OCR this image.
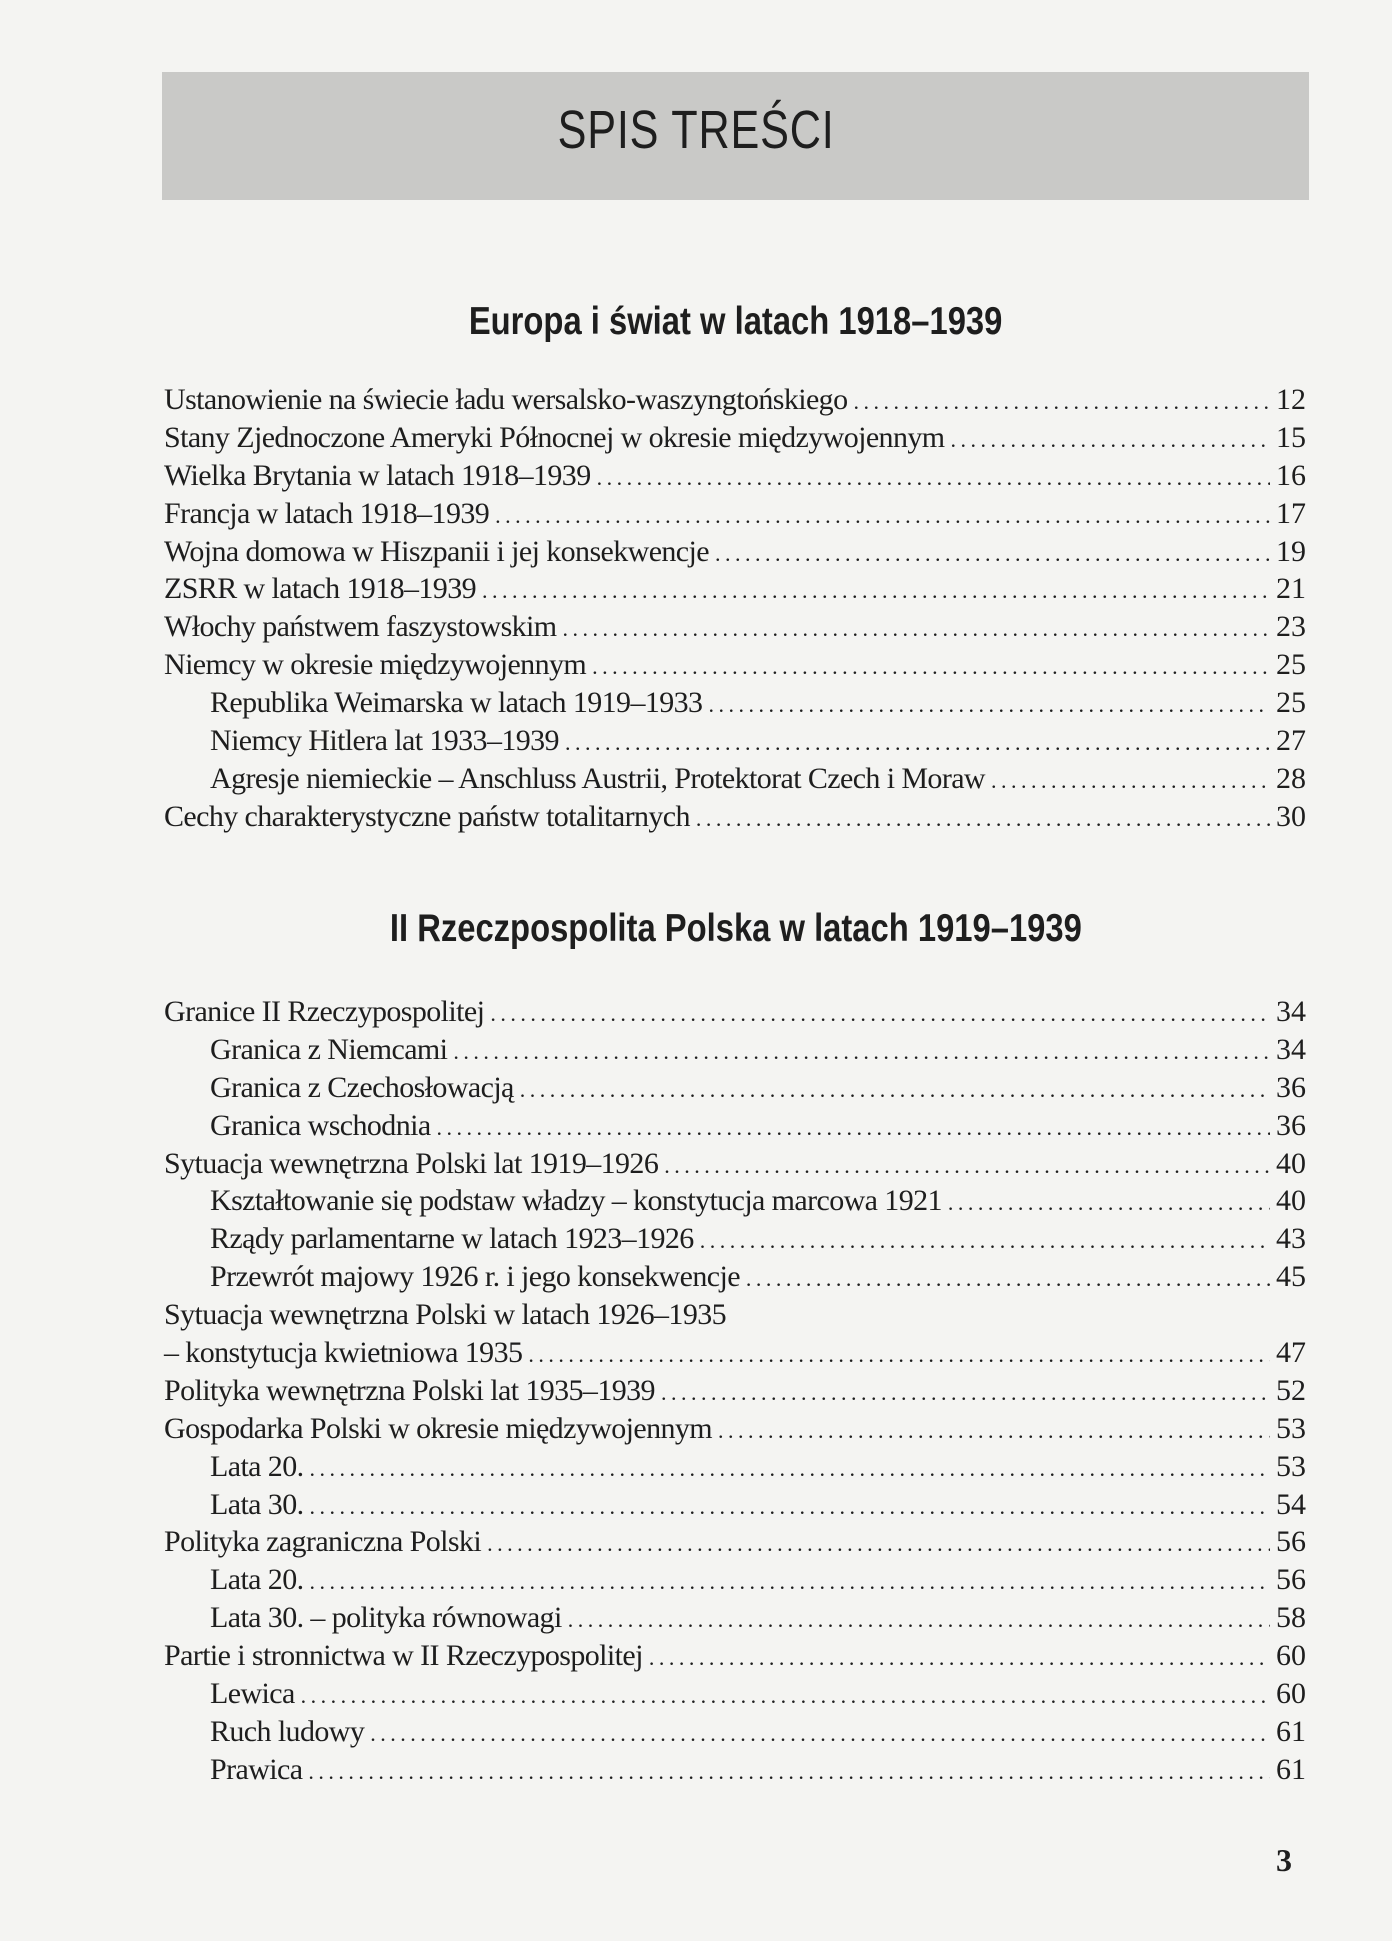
SPIS TREŚCI
Europa i świat w latach 1918–1939
Ustanowienie na świecie ładu wersalsko-waszyngtońskiego . . .	12
Stany Zjednoczone Ameryki Północnej w okresie międzywojennym . . .	15
Wielka Brytania w latach 1918–1939 . . .	16
Francja w latach 1918–1939 . . .	17
Wojna domowa w Hiszpanii i jej konsekwencje . . .	19
ZSRR w latach 1918–1939 . . .	21
Włochy państwem faszystowskim . . .	23
Niemcy w okresie międzywojennym . . .	25
Republika Weimarska w latach 1919–1933 . . .	25
Niemcy Hitlera lat 1933–1939 . . .	27
Agresje niemieckie – Anschluss Austrii, Protektorat Czech i Moraw . . .	28
Cechy charakterystyczne państw totalitarnych . . .	30
II Rzeczpospolita Polska w latach 1919–1939
Granice II Rzeczypospolitej . . .	34
Granica z Niemcami . . .	34
Granica z Czechosłowacją . . .	36
Granica wschodnia . . .	36
Sytuacja wewnętrzna Polski lat 1919–1926 . . .	40
Kształtowanie się podstaw władzy – konstytucja marcowa 1921 . . .	40
Rządy parlamentarne w latach 1923–1926 . . .	43
Przewrót majowy 1926 r. i jego konsekwencje . . .	45
Sytuacja wewnętrzna Polski w latach 1926–1935
– konstytucja kwietniowa 1935 . . .	47
Polityka wewnętrzna Polski lat 1935–1939 . . .	52
Gospodarka Polski w okresie międzywojennym . . .	53
Lata 20. . . .	53
Lata 30. . . .	54
Polityka zagraniczna Polski . . .	56
Lata 20. . . .	56
Lata 30. – polityka równowagi . . .	58
Partie i stronnictwa w II Rzeczypospolitej . . .	60
Lewica . . .	60
Ruch ludowy . . .	61
Prawica . . .	61
3
